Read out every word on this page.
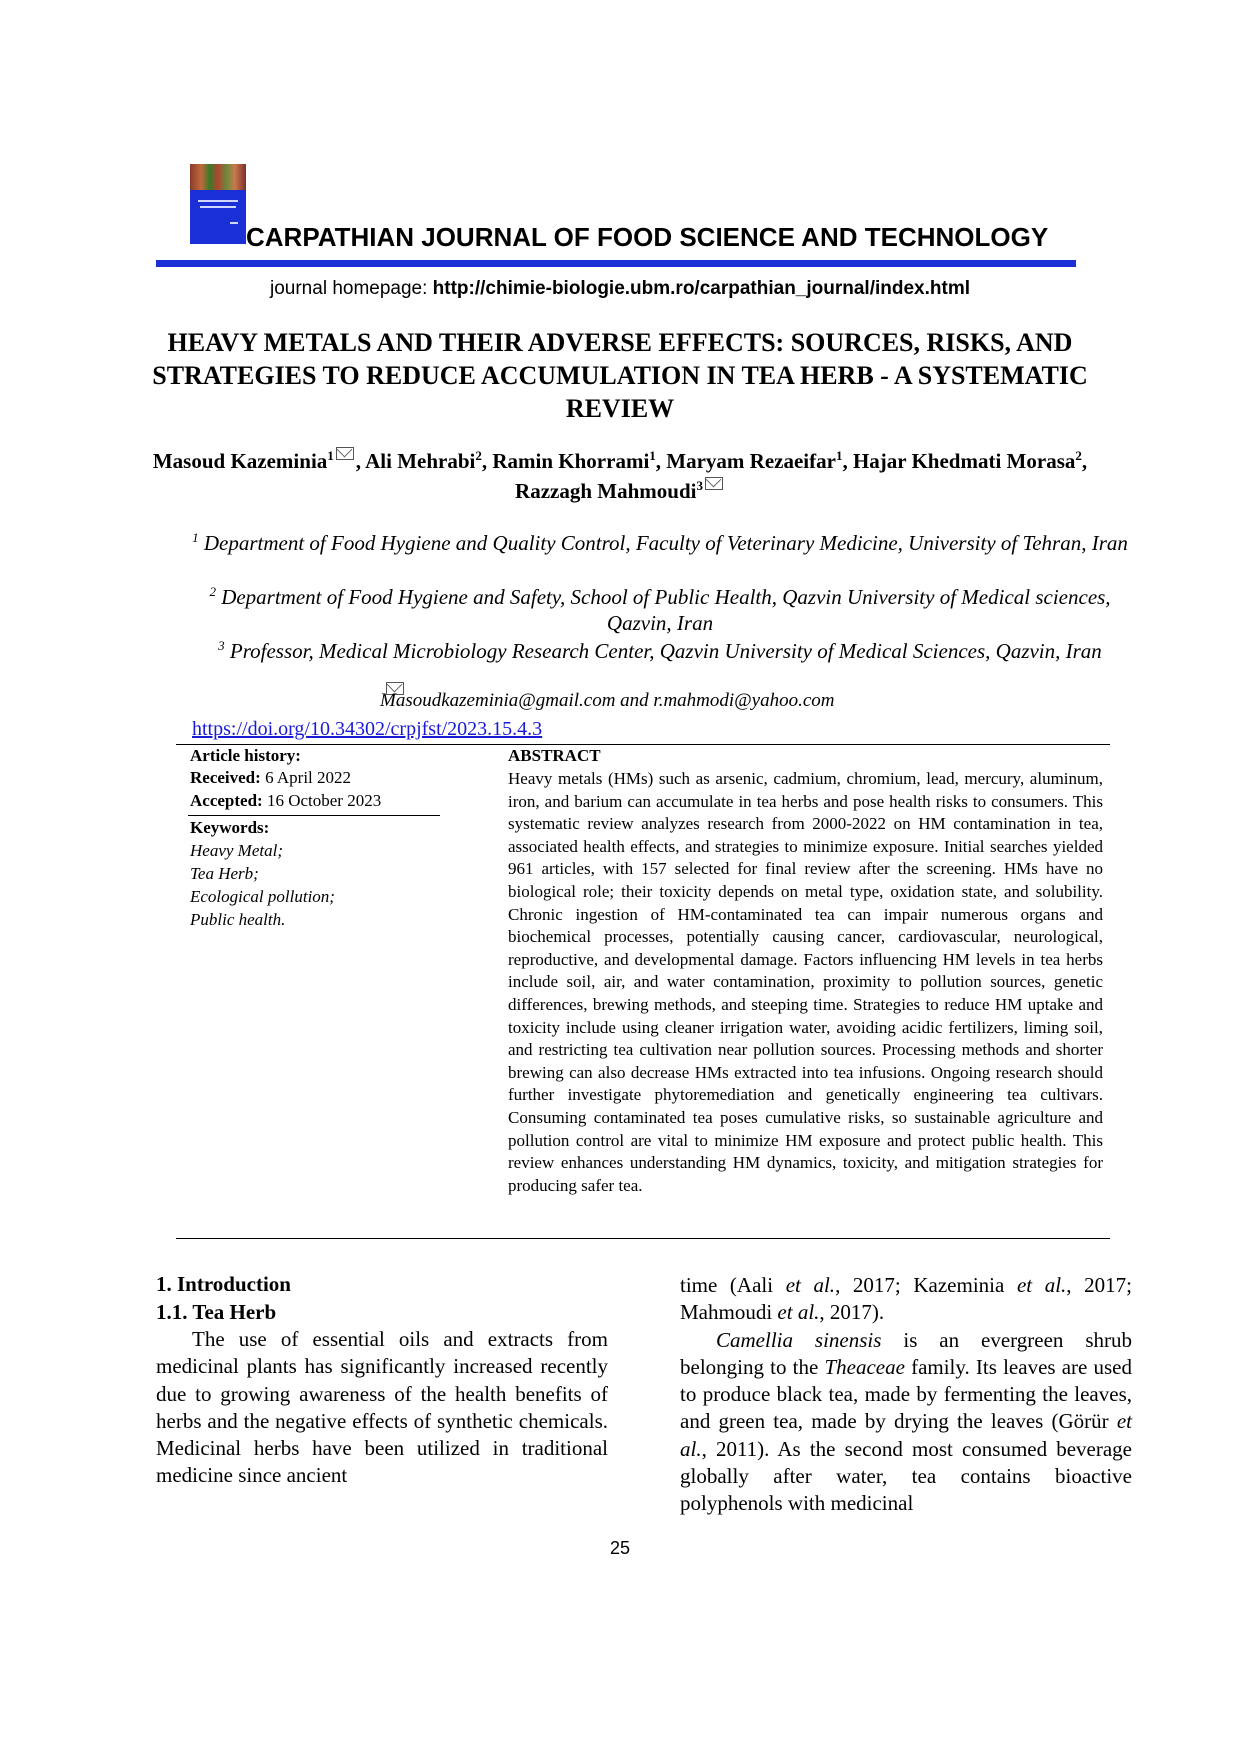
CARPATHIAN JOURNAL OF FOOD SCIENCE AND TECHNOLOGY
journal homepage: http://chimie-biologie.ubm.ro/carpathian_journal/index.html
HEAVY METALS AND THEIR ADVERSE EFFECTS: SOURCES, RISKS, AND STRATEGIES TO REDUCE ACCUMULATION IN TEA HERB - A SYSTEMATIC REVIEW
Masoud Kazeminia$^1$ , Ali Mehrabi$^2$, Ramin Khorrami$^1$, Maryam Rezaeifar$^1$, Hajar Khedmati Morasa$^2$, Razzagh Mahmoudi$^3$
$^1$ Department of Food Hygiene and Quality Control, Faculty of Veterinary Medicine, University of Tehran, Iran
$^2$ Department of Food Hygiene and Safety, School of Public Health, Qazvin University of Medical sciences, Qazvin, Iran
$^3$ Professor, Medical Microbiology Research Center, Qazvin University of Medical Sciences, Qazvin, Iran
Masoudkazeminia@gmail.com and r.mahmodi@yahoo.com
https://doi.org/10.34302/crpjfst/2023.15.4.3
Article history:
Received: 6 April 2022
Accepted: 16 October 2023
Keywords:
Heavy Metal;
Tea Herb;
Ecological pollution;
Public health.
ABSTRACT
Heavy metals (HMs) such as arsenic, cadmium, chromium, lead, mercury, aluminum, iron, and barium can accumulate in tea herbs and pose health risks to consumers. This systematic review analyzes research from 2000-2022 on HM contamination in tea, associated health effects, and strategies to minimize exposure. Initial searches yielded 961 articles, with 157 selected for final review after the screening. HMs have no biological role; their toxicity depends on metal type, oxidation state, and solubility. Chronic ingestion of HM-contaminated tea can impair numerous organs and biochemical processes, potentially causing cancer, cardiovascular, neurological, reproductive, and developmental damage. Factors influencing HM levels in tea herbs include soil, air, and water contamination, proximity to pollution sources, genetic differences, brewing methods, and steeping time. Strategies to reduce HM uptake and toxicity include using cleaner irrigation water, avoiding acidic fertilizers, liming soil, and restricting tea cultivation near pollution sources. Processing methods and shorter brewing can also decrease HMs extracted into tea infusions. Ongoing research should further investigate phytoremediation and genetically engineering tea cultivars. Consuming contaminated tea poses cumulative risks, so sustainable agriculture and pollution control are vital to minimize HM exposure and protect public health. This review enhances understanding HM dynamics, toxicity, and mitigation strategies for producing safer tea.
1. Introduction
1.1. Tea Herb
The use of essential oils and extracts from medicinal plants has significantly increased recently due to growing awareness of the health benefits of herbs and the negative effects of synthetic chemicals. Medicinal herbs have been utilized in traditional medicine since ancient
time (Aali et al., 2017; Kazeminia et al., 2017; Mahmoudi et al., 2017).
Camellia sinensis is an evergreen shrub belonging to the Theaceae family. Its leaves are used to produce black tea, made by fermenting the leaves, and green tea, made by drying the leaves (Görür et al., 2011). As the second most consumed beverage globally after water, tea contains bioactive polyphenols with medicinal
25
